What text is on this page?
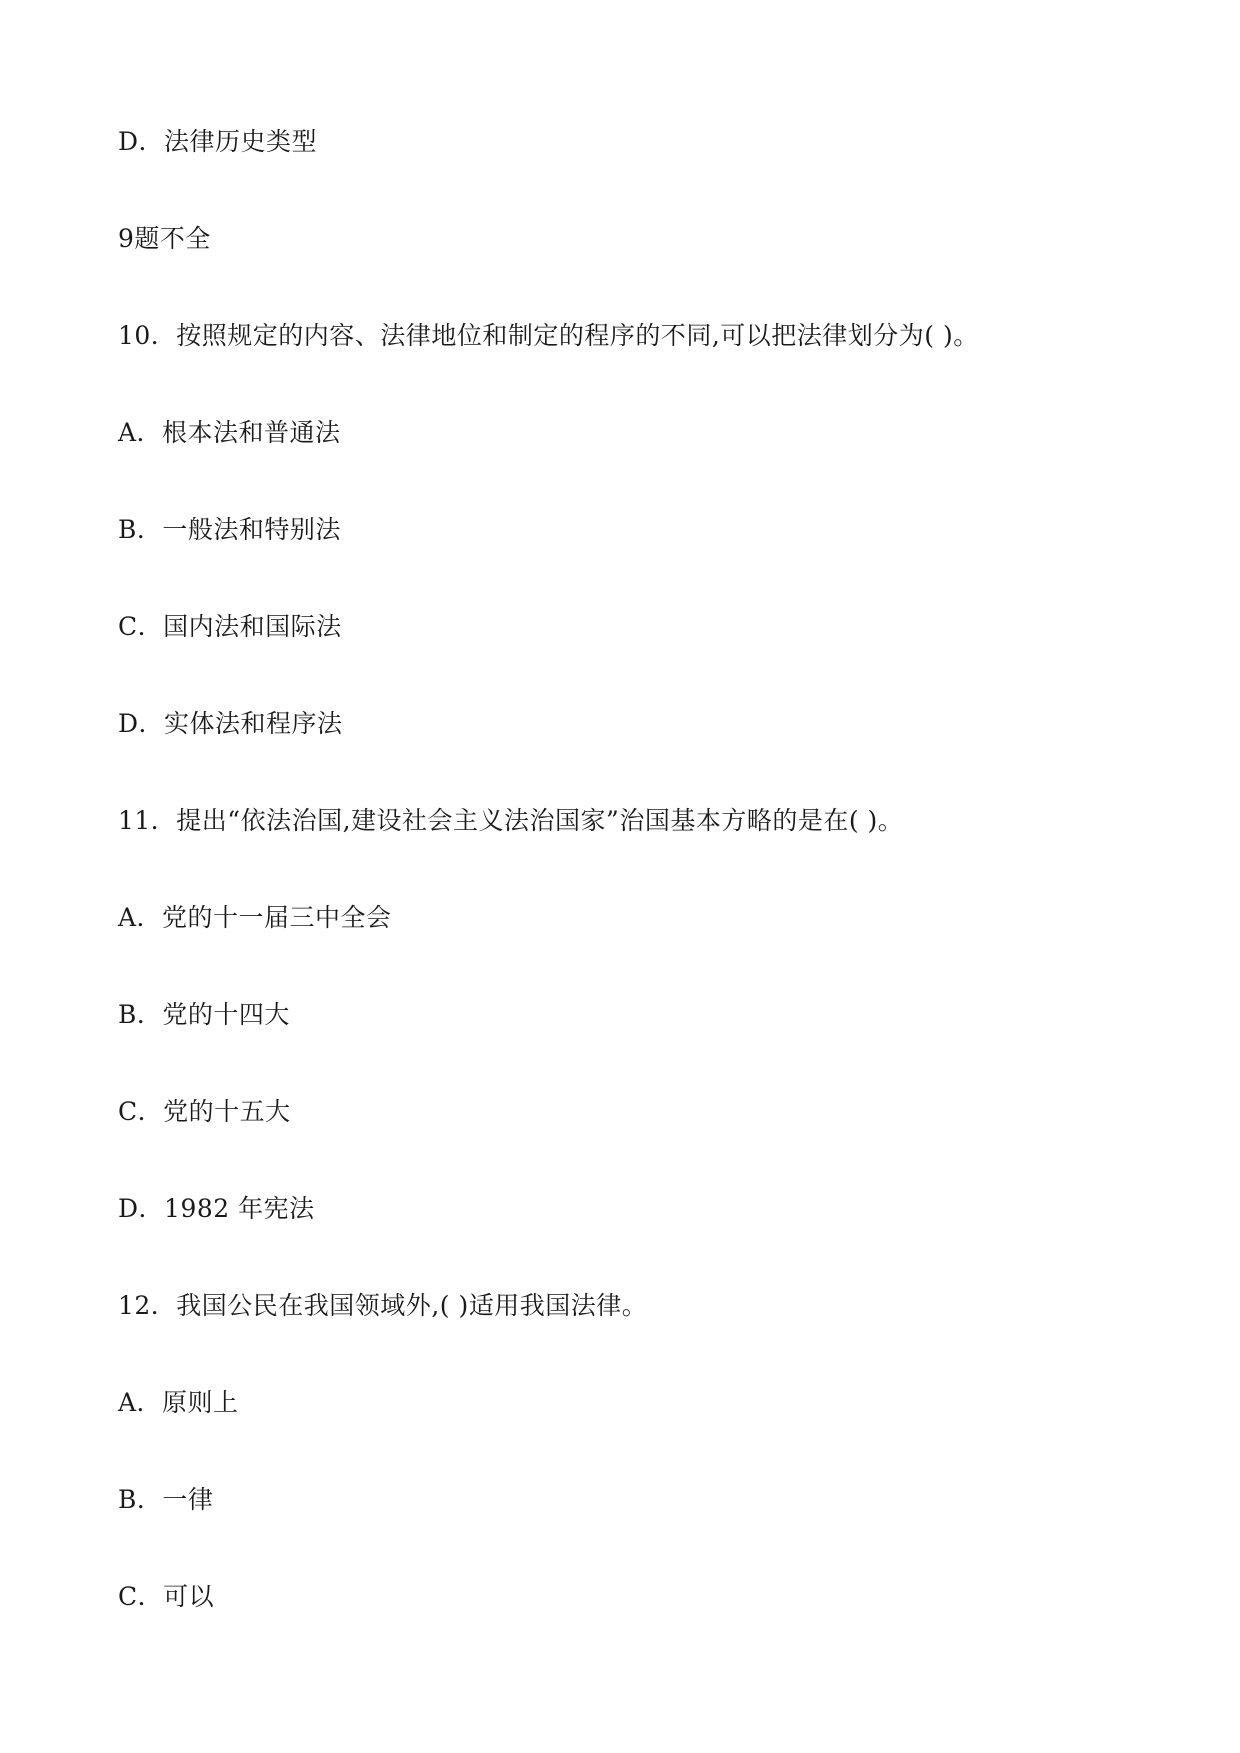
D．法律历史类型
9题不全
10．按照规定的内容、法律地位和制定的程序的不同,可以把法律划分为( )。
A．根本法和普通法
B．一般法和特别法
C．国内法和国际法
D．实体法和程序法
11．提出“依法治国,建设社会主义法治国家”治国基本方略的是在( )。
A．党的十一届三中全会
B．党的十四大
C．党的十五大
D．1982 年宪法
12．我国公民在我国领域外,( )适用我国法律。
A．原则上
B．一律
C．可以
